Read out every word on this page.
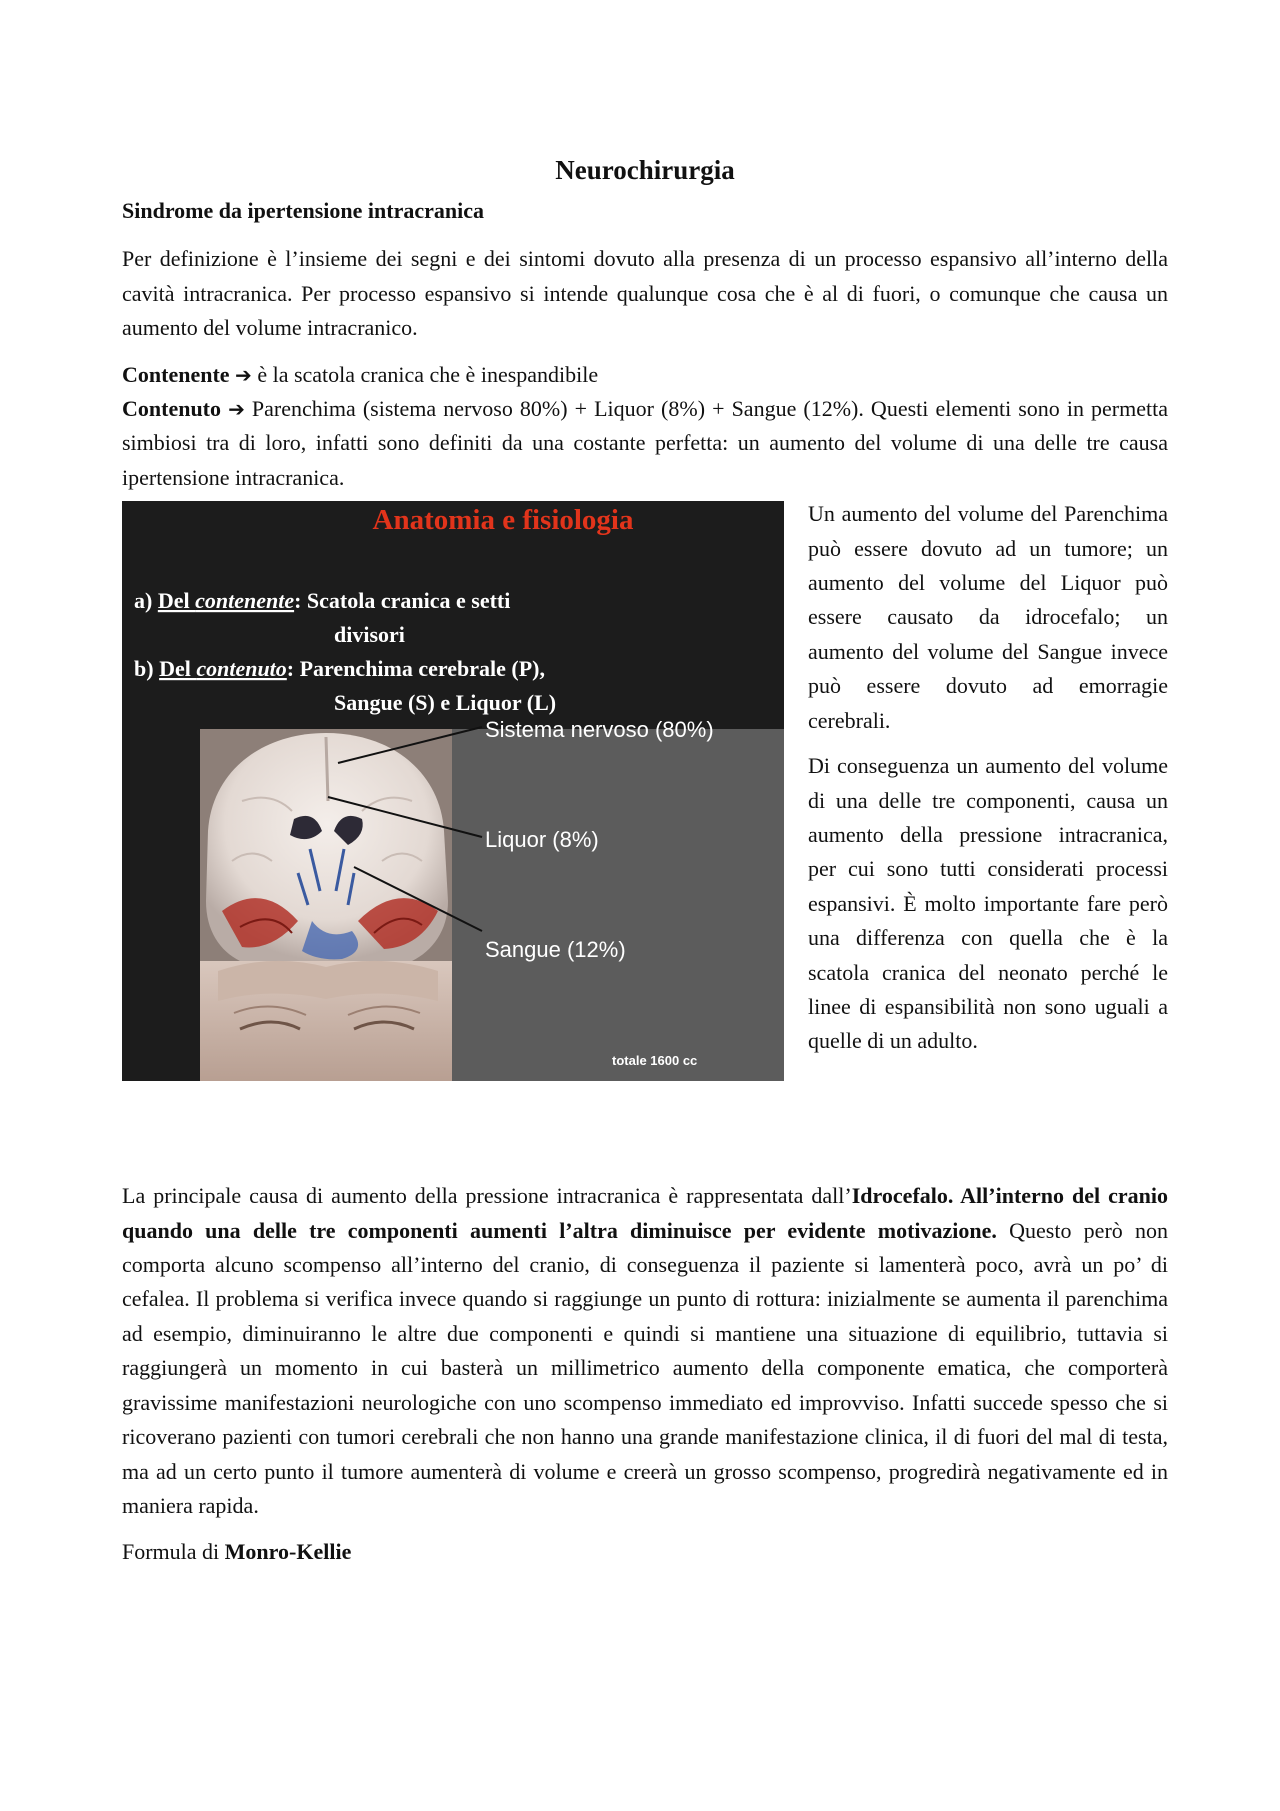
Neurochirurgia
Sindrome da ipertensione intracranica

Per definizione è l’insieme dei segni e dei sintomi dovuto alla presenza di un processo espansivo all’interno della cavità intracranica. Per processo espansivo si intende qualunque cosa che è al di fuori, o comunque che causa un aumento del volume intracranico.

Contenente ➔ è la scatola cranica che è inespandibile

Contenuto ➔ Parenchima (sistema nervoso 80%) + Liquor (8%) + Sangue (12%). Questi elementi sono in permetta simbiosi tra di loro, infatti sono definiti da una costante perfetta: un aumento del volume di una delle tre causa ipertensione intracranica.

Anatomia e fisiologia
a) Del contenente: Scatola cranica e setti
divisori
b) Del contenuto: Parenchima cerebrale (P),
Sangue (S) e Liquor (L)
Sistema nervoso (80%)
Liquor (8%)
Sangue (12%)
totale 1600 cc

Un aumento del volume del Parenchima può essere dovuto ad un tumore; un aumento del volume del Liquor può essere causato da idrocefalo; un aumento del volume del Sangue invece può essere dovuto ad emorragie cerebrali.

Di conseguenza un aumento del volume di una delle tre componenti, causa un aumento della pressione intracranica, per cui sono tutti considerati processi espansivi. È molto importante fare però una differenza con quella che è la scatola cranica del neonato perché le linee di espansibilità non sono uguali a quelle di un adulto.

La principale causa di aumento della pressione intracranica è rappresentata dall’Idrocefalo. All’interno del cranio quando una delle tre componenti aumenti l’altra diminuisce per evidente motivazione. Questo però non comporta alcuno scompenso all’interno del cranio, di conseguenza il paziente si lamenterà poco, avrà un po’ di cefalea. Il problema si verifica invece quando si raggiunge un punto di rottura: inizialmente se aumenta il parenchima ad esempio, diminuiranno le altre due componenti e quindi si mantiene una situazione di equilibrio, tuttavia si raggiungerà un momento in cui basterà un millimetrico aumento della componente ematica, che comporterà gravissime manifestazioni neurologiche con uno scompenso immediato ed improvviso. Infatti succede spesso che si ricoverano pazienti con tumori cerebrali che non hanno una grande manifestazione clinica, il di fuori del mal di testa, ma ad un certo punto il tumore aumenterà di volume e creerà un grosso scompenso, progredirà negativamente ed in maniera rapida.

Formula di Monro-Kellie
